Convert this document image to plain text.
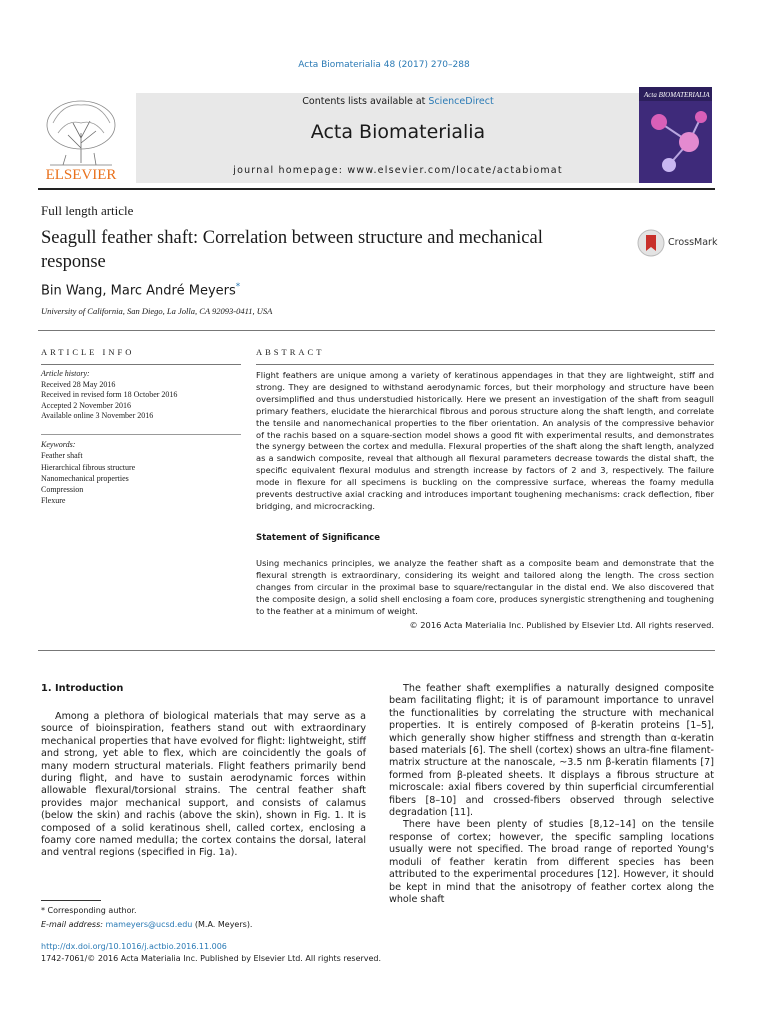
Acta Biomaterialia 48 (2017) 270–288
ELSEVIER
Contents lists available at ScienceDirect
Acta Biomaterialia
journal homepage: www.elsevier.com/locate/actabiomat
Acta BIOMATERIALIA
Full length article
Seagull feather shaft: Correlation between structure and mechanical response
CrossMark
Bin Wang, Marc André Meyers*
University of California, San Diego, La Jolla, CA 92093-0411, USA
ARTICLE INFO	ABSTRACT
Article history:
Received 28 May 2016
Received in revised form 18 October 2016
Accepted 2 November 2016
Available online 3 November 2016
Keywords:
Feather shaft
Hierarchical fibrous structure
Nanomechanical properties
Compression
Flexure
Flight feathers are unique among a variety of keratinous appendages in that they are lightweight, stiff and strong. They are designed to withstand aerodynamic forces, but their morphology and structure have been oversimplified and thus understudied historically. Here we present an investigation of the shaft from seagull primary feathers, elucidate the hierarchical fibrous and porous structure along the shaft length, and correlate the tensile and nanomechanical properties to the fiber orientation. An analysis of the compressive behavior of the rachis based on a square-section model shows a good fit with experimental results, and demonstrates the synergy between the cortex and medulla. Flexural properties of the shaft along the shaft length, analyzed as a sandwich composite, reveal that although all flexural parameters decrease towards the distal shaft, the specific equivalent flexural modulus and strength increase by factors of 2 and 3, respectively. The failure mode in flexure for all specimens is buckling on the compressive surface, whereas the foamy medulla prevents destructive axial cracking and introduces important toughening mechanisms: crack deflection, fiber bridging, and microcracking.
Statement of Significance
Using mechanics principles, we analyze the feather shaft as a composite beam and demonstrate that the flexural strength is extraordinary, considering its weight and tailored along the length. The cross section changes from circular in the proximal base to square/rectangular in the distal end. We also discovered that the composite design, a solid shell enclosing a foam core, produces synergistic strengthening and toughening to the feather at a minimum of weight.
© 2016 Acta Materialia Inc. Published by Elsevier Ltd. All rights reserved.
1. Introduction
Among a plethora of biological materials that may serve as a source of bioinspiration, feathers stand out with extraordinary mechanical properties that have evolved for flight: lightweight, stiff and strong, yet able to flex, which are coincidently the goals of many modern structural materials. Flight feathers primarily bend during flight, and have to sustain aerodynamic forces within allowable flexural/torsional strains. The central feather shaft provides major mechanical support, and consists of calamus (below the skin) and rachis (above the skin), shown in Fig. 1. It is composed of a solid keratinous shell, called cortex, enclosing a foamy core named medulla; the cortex contains the dorsal, lateral and ventral regions (specified in Fig. 1a).

The feather shaft exemplifies a naturally designed composite beam facilitating flight; it is of paramount importance to unravel the functionalities by correlating the structure with mechanical properties. It is entirely composed of β-keratin proteins [1–5], which generally show higher stiffness and strength than α-keratin based materials [6]. The shell (cortex) shows an ultra-fine filament-matrix structure at the nanoscale, ~3.5 nm β-keratin filaments [7] formed from β-pleated sheets. It displays a fibrous structure at microscale: axial fibers covered by thin superficial circumferential fibers [8–10] and crossed-fibers observed through selective degradation [11].

There have been plenty of studies [8,12–14] on the tensile response of cortex; however, the specific sampling locations usually were not specified. The broad range of reported Young's moduli of feather keratin from different species has been attributed to the experimental procedures [12]. However, it should be kept in mind that the anisotropy of feather cortex along the whole shaft

* Corresponding author.
E-mail address: mameyers@ucsd.edu (M.A. Meyers).
http://dx.doi.org/10.1016/j.actbio.2016.11.006
1742-7061/© 2016 Acta Materialia Inc. Published by Elsevier Ltd. All rights reserved.
